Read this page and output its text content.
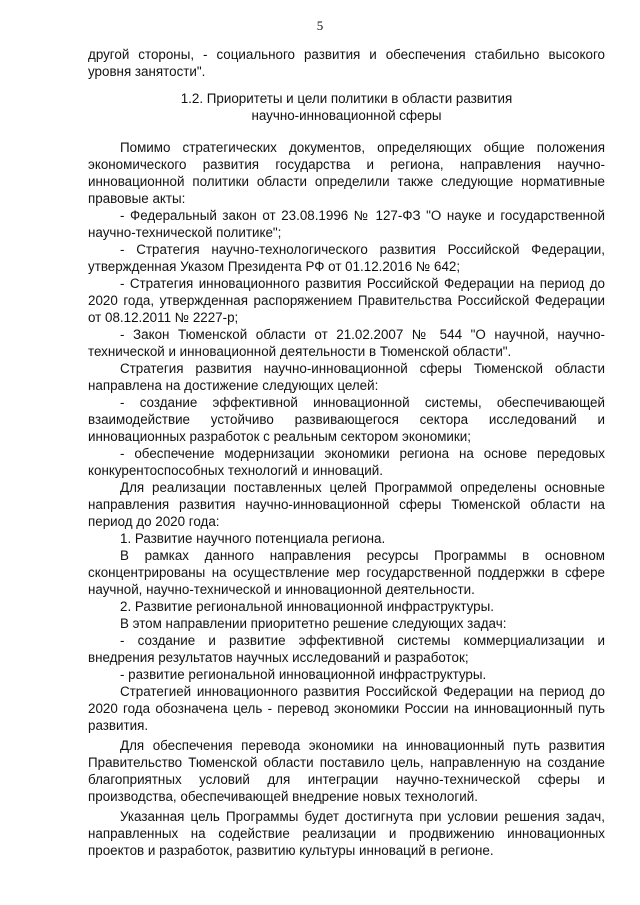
5

другой стороны, - социального развития и обеспечения стабильно высокого уровня занятости".

1.2. Приоритеты и цели политики в области развития
научно-инновационной сферы

Помимо стратегических документов, определяющих общие положения экономического развития государства и региона, направления научно-инновационной политики области определили также следующие нормативные правовые акты:

- Федеральный закон от 23.08.1996 № 127-ФЗ "О науке и государственной научно-технической политике";

- Стратегия научно-технологического развития Российской Федерации, утвержденная Указом Президента РФ от 01.12.2016 № 642;

- Стратегия инновационного развития Российской Федерации на период до 2020 года, утвержденная распоряжением Правительства Российской Федерации от 08.12.2011 № 2227-р;

- Закон Тюменской области от 21.02.2007 № 544 "О научной, научно-технической и инновационной деятельности в Тюменской области".

Стратегия развития научно-инновационной сферы Тюменской области направлена на достижение следующих целей:

- создание эффективной инновационной системы, обеспечивающей взаимодействие устойчиво развивающегося сектора исследований и инновационных разработок с реальным сектором экономики;

- обеспечение модернизации экономики региона на основе передовых конкурентоспособных технологий и инноваций.

Для реализации поставленных целей Программой определены основные направления развития научно-инновационной сферы Тюменской области на период до 2020 года:

1. Развитие научного потенциала региона.

В рамках данного направления ресурсы Программы в основном сконцентрированы на осуществление мер государственной поддержки в сфере научной, научно-технической и инновационной деятельности.

2. Развитие региональной инновационной инфраструктуры.

В этом направлении приоритетно решение следующих задач:

- создание и развитие эффективной системы коммерциализации и внедрения результатов научных исследований и разработок;

- развитие региональной инновационной инфраструктуры.

Стратегией инновационного развития Российской Федерации на период до 2020 года обозначена цель - перевод экономики России на инновационный путь развития.

Для обеспечения перевода экономики на инновационный путь развития Правительство Тюменской области поставило цель, направленную на создание благоприятных условий для интеграции научно-технической сферы и производства, обеспечивающей внедрение новых технологий.

Указанная цель Программы будет достигнута при условии решения задач, направленных на содействие реализации и продвижению инновационных проектов и разработок, развитию культуры инноваций в регионе.
